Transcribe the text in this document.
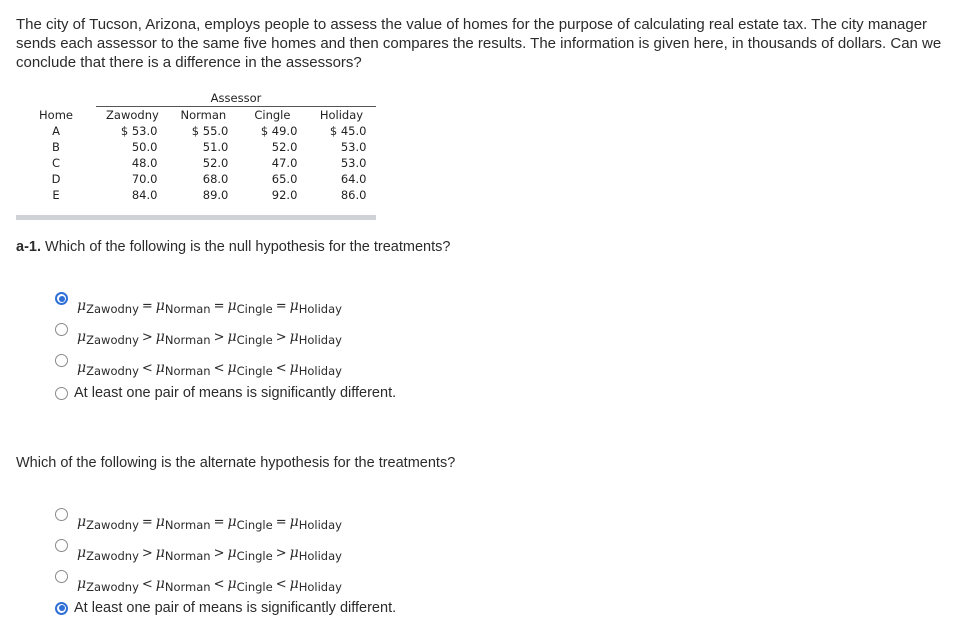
The city of Tucson, Arizona, employs people to assess the value of homes for the purpose of calculating real estate tax. The city manager sends each assessor to the same five homes and then compares the results. The information is given here, in thousands of dollars. Can we conclude that there is a difference in the assessors?
	Assessor			
Home	Zawodny	Norman	Cingle	Holiday
A	$ 53.0	$ 55.0	$ 49.0	$ 45.0
B	50.0	51.0	52.0	53.0
C	48.0	52.0	47.0	53.0
D	70.0	68.0	65.0	64.0
E	84.0	89.0	92.0	86.0
a-1. Which of the following is the null hypothesis for the treatments?
$\mu_{Zawodny} = \mu_{Norman} = \mu_{Cingle} = \mu_{Holiday}$
$\mu_{Zawodny} > \mu_{Norman} > \mu_{Cingle} > \mu_{Holiday}$
$\mu_{Zawodny} < \mu_{Norman} < \mu_{Cingle} < \mu_{Holiday}$
At least one pair of means is significantly different.
Which of the following is the alternate hypothesis for the treatments?
$\mu_{Zawodny} = \mu_{Norman} = \mu_{Cingle} = \mu_{Holiday}$
$\mu_{Zawodny} > \mu_{Norman} > \mu_{Cingle} > \mu_{Holiday}$
$\mu_{Zawodny} < \mu_{Norman} < \mu_{Cingle} < \mu_{Holiday}$
At least one pair of means is significantly different.
